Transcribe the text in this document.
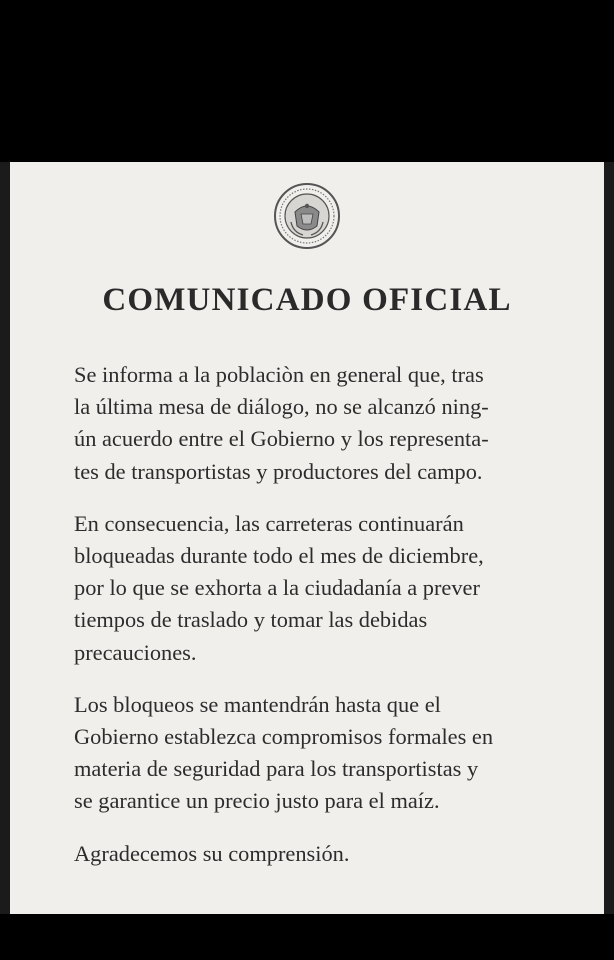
COMUNICADO OFICIAL

Se informa a la poblaciòn en general que, tras
la última mesa de diálogo, no se alcanzó ning-
ún acuerdo entre el Gobierno y los representa-
tes de transportistas y productores del campo.

En consecuencia, las carreteras continuarán
bloqueadas durante todo el mes de diciembre,
por lo que se exhorta a la ciudadanía a prever
tiempos de traslado y tomar las debidas
precauciones.

Los bloqueos se mantendrán hasta que el
Gobierno establezca compromisos formales en
materia de seguridad para los transportistas y
se garantice un precio justo para el maíz.

Agradecemos su comprensión.
